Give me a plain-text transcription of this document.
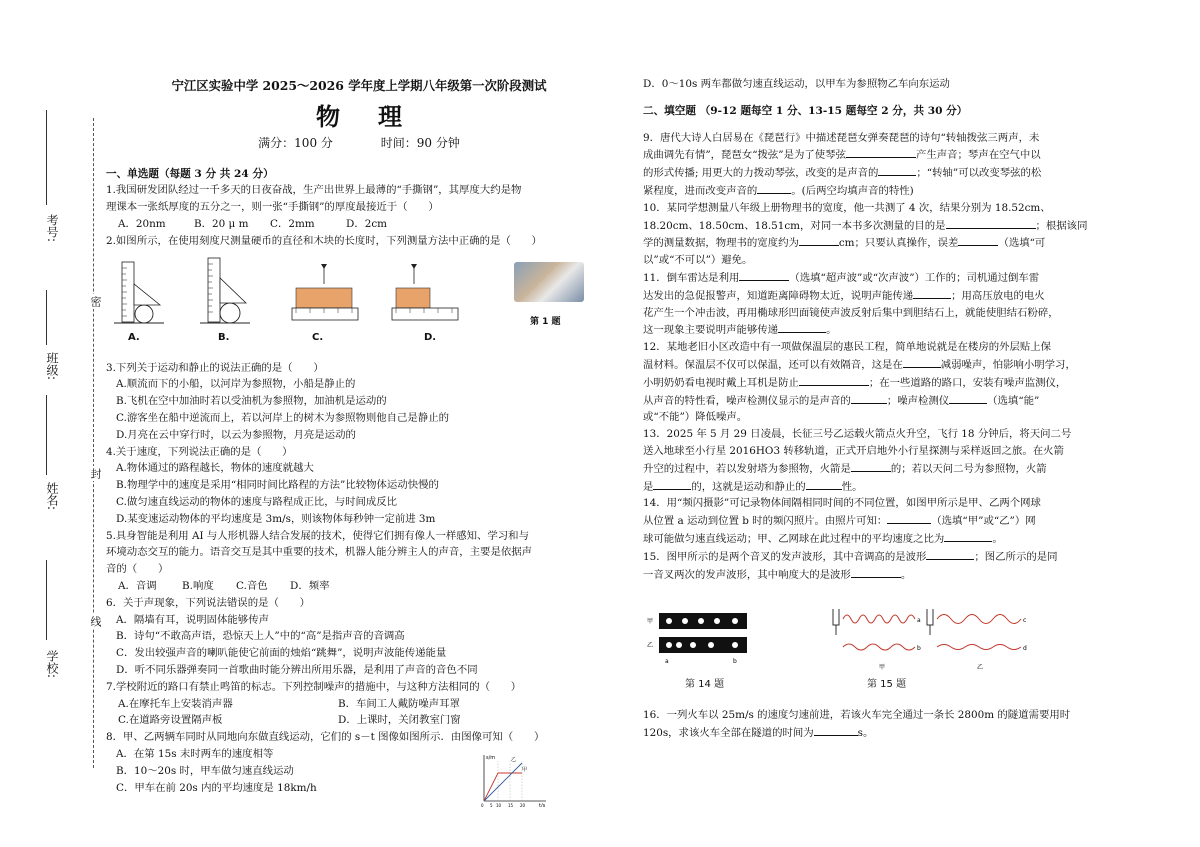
考号:
班级:
姓名:
学校:
密
封
线
宁江区实验中学 2025～2026 学年度上学期八年级第一次阶段测试
物理
满分：100 分	时间：90 分钟
一、单选题（每题 3 分 共 24 分）
1.我国研发团队经过一千多天的日夜奋战，生产出世界上最薄的“手撕钢”，其厚度大约是物
理课本一张纸厚度的五分之一，则一张“手撕钢”的厚度最接近于（　　）
A．20nm	B．20 μ m	C．2mm	D．2cm
2.如图所示，在使用刻度尺测量硬币的直径和木块的长度时，下列测量方法中正确的是（　　）
A.	B.	C.	D.
第 1 题
3.下列关于运动和静止的说法正确的是（　　）
A.顺流而下的小船，以河岸为参照物，小船是静止的
B.飞机在空中加油时若以受油机为参照物，加油机是运动的
C.游客坐在船中逆流而上，若以河岸上的树木为参照物则他自己是静止的
D.月亮在云中穿行时，以云为参照物，月亮是运动的
4.关于速度，下列说法正确的是（　　）
A.物体通过的路程越长，物体的速度就越大
B.物理学中的速度是采用“相同时间比路程的方法”比较物体运动快慢的
C.做匀速直线运动的物体的速度与路程成正比，与时间成反比
D.某变速运动物体的平均速度是 3m/s，则该物体每秒钟一定前进 3m
5.具身智能是利用 AI 与人形机器人结合发展的技术，使得它们拥有像人一样感知、学习和与
环境动态交互的能力。语音交互是其中重要的技术，机器人能分辨主人的声音，主要是依据声
音的（　　）
A．音调	B.响度	C.音色	D．频率
6．关于声现象，下列说法错误的是（　　）
A．隔墙有耳，说明固体能够传声
B．诗句“不敢高声语，恐惊天上人”中的“高”是指声音的音调高
C．发出较强声音的喇叭能使它前面的烛焰“跳舞”，说明声波能传递能量
D．听不同乐器弹奏同一首歌曲时能分辨出所用乐器，是利用了声音的音色不同
7.学校附近的路口有禁止鸣笛的标志。下列控制噪声的措施中，与这种方法相同的（　　）
A.在摩托车上安装消声器	B．车间工人戴防噪声耳罩
C.在道路旁设置隔声板	D．上课时，关闭教室门窗
8．甲、乙两辆车同时从同地向东做直线运动，它们的 s－t 图像如图所示．由图像可知（　　）
A．在第 15s 末时两车的速度相等
B．10～20s 时，甲车做匀速直线运动
C．甲车在前 20s 内的平均速度是 18km/h
s/m
t/s
乙
甲
0 5 10 15 20
D．0～10s 两车都做匀速直线运动，以甲车为参照物乙车向东运动
二、填空题 （9-12 题每空 1 分、13-15 题每空 2 分，共 30 分）
9．唐代大诗人白居易在《琵琶行》中描述琵琶女弹奏琵琶的诗句“转轴拨弦三两声，未
成曲调先有情”，琵琶女“拨弦”是为了使琴弦	产生声音；琴声在空气中以
的形式传播; 用更大的力拨动琴弦，改变的是声音的	；“转轴”可以改变琴弦的松
紧程度，进而改变声音的	。(后两空均填声音的特性)
10．某同学想测量八年级上册物理书的宽度，他一共测了 4 次，结果分别为 18.52cm、
18.20cm、18.50cm、18.51cm，对同一本书多次测量的目的是	；根据该同
学的测量数据，物理书的宽度约为	cm；只要认真操作，误差	（选填“可
以”或“不可以”）避免。
11．倒车雷达是利用	（选填“超声波”或“次声波”）工作的；司机通过倒车雷
达发出的急促报警声，知道距离障碍物太近，说明声能传递	；用高压放电的电火
花产生一个冲击波，再用椭球形凹面镜使声波反射后集中到胆结石上，就能使胆结石粉碎，
这一现象主要说明声能够传递	。
12．某地老旧小区改造中有一项做保温层的惠民工程，简单地说就是在楼房的外层贴上保
温材料。保温层不仅可以保温，还可以有效隔音，这是在	减弱噪声，怕影响小明学习，
小明奶奶看电视时戴上耳机是防止	；在一些道路的路口，安装有噪声监测仪，
从声音的特性看，噪声检测仪显示的是声音的	；噪声检测仪	（选填“能”
或“不能”）降低噪声。
13．2025 年 5 月 29 日凌晨，长征三号乙运载火箭点火升空，飞行 18 分钟后，将天问二号
送入地球至小行星 2016HO3 转移轨道，正式开启地外小行星探测与采样返回之旅。在火箭
升空的过程中，若以发射塔为参照物，火箭是	的；若以天问二号为参照物，火箭
是	的，这就是运动和静止的	性。
14．用“频闪摄影”可记录物体间隔相同时间的不同位置，如图甲所示是甲、乙两个网球
从位置 a 运动到位置 b 时的频闪照片。由照片可知：	（选填“甲”或“乙”）网
球可能做匀速直线运动；甲、乙网球在此过程中的平均速度之比为	。
15．图甲所示的是两个音叉的发声波形，其中音调高的是波形	；图乙所示的是同
一音叉两次的发声波形，其中响度大的是波形	。
甲
乙
a	b
a
b
c
d
甲	乙
第 14 题	第 15 题
16．一列火车以 25m/s 的速度匀速前进，若该火车完全通过一条长 2800m 的隧道需要用时
120s，求该火车全部在隧道的时间为	s。
